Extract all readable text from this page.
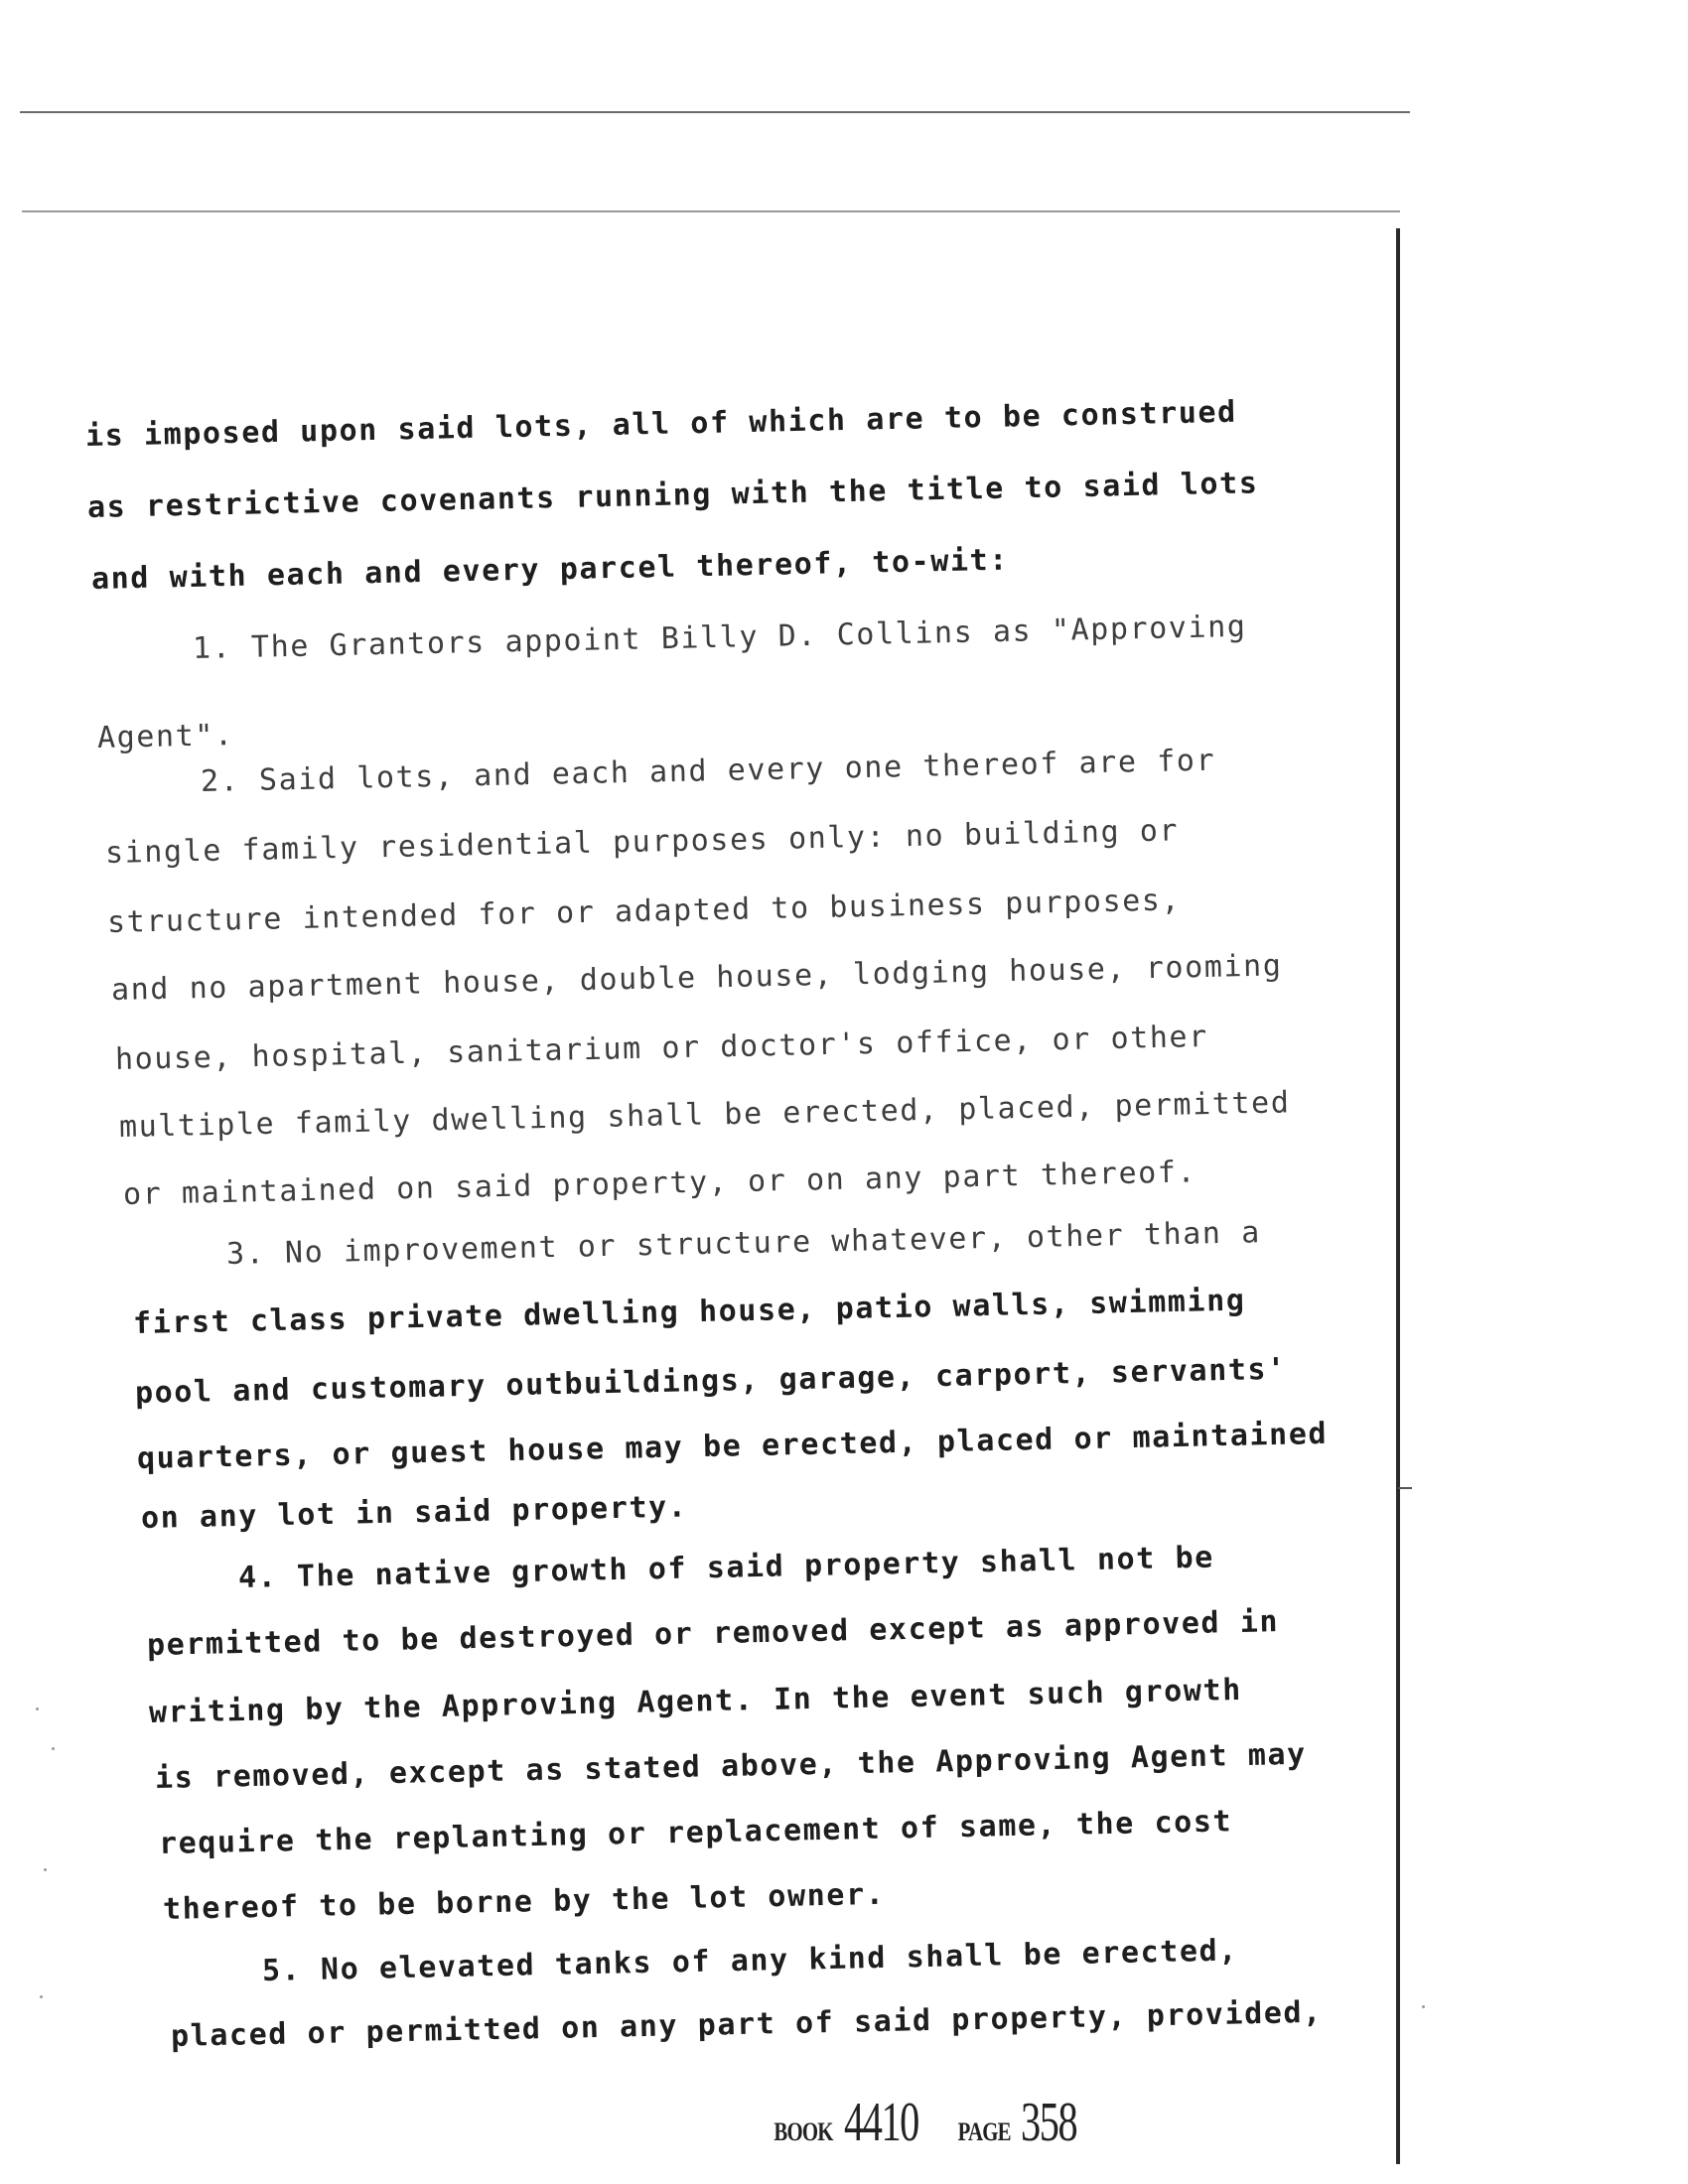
is imposed upon said lots, all of which are to be construed
as restrictive covenants running with the title to said lots
and with each and every parcel thereof, to-wit:
1. The Grantors appoint Billy D. Collins as "Approving
Agent".
2. Said lots, and each and every one thereof are for
single family residential purposes only: no building or
structure intended for or adapted to business purposes,
and no apartment house, double house, lodging house, rooming
house, hospital, sanitarium or doctor's office, or other
multiple family dwelling shall be erected, placed, permitted
or maintained on said property, or on any part thereof.
3. No improvement or structure whatever, other than a
first class private dwelling house, patio walls, swimming
pool and customary outbuildings, garage, carport, servants'
quarters, or guest house may be erected, placed or maintained
on any lot in said property.
4. The native growth of said property shall not be
permitted to be destroyed or removed except as approved in
writing by the Approving Agent. In the event such growth
is removed, except as stated above, the Approving Agent may
require the replanting or replacement of same, the cost
thereof to be borne by the lot owner.
5. No elevated tanks of any kind shall be erected,
placed or permitted on any part of said property, provided,
BOOK 4410 PAGE 358
